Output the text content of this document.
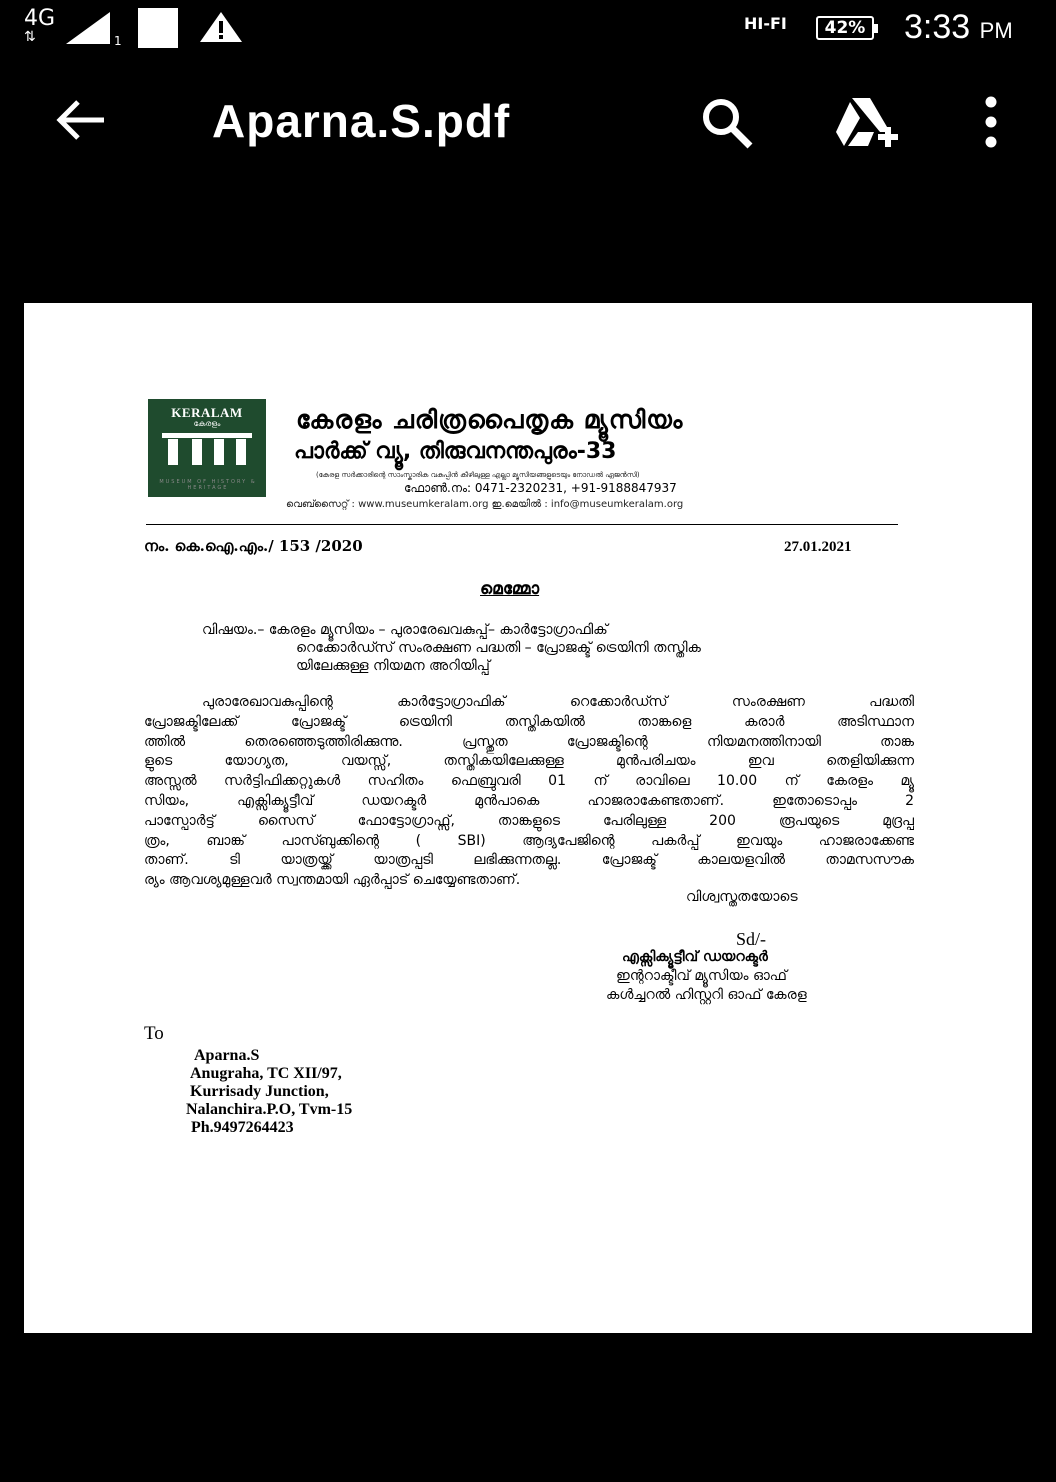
4G
⇅	1
HI-FI	42% 3:33 PM
Aparna.S.pdf
KERALAM
കേരളം
MUSEUM OF HISTORY & HERITAGE
കേരളം ചരിത്രപൈതൃക മ്യൂസിയം
പാർക്ക് വ്യൂ, തിരുവനന്തപുരം-33
(കേരള സർക്കാരിന്റെ സാംസ്കാരിക വകുപ്പിൻ കീഴിലുള്ള എല്ലാ മ്യൂസിയങ്ങളുടെയും നോഡൽ ഏജൻസി)
ഫോൺ.നം: 0471-2320231, +91-9188847937
വെബ്സൈറ്റ് : www.museumkeralam.org ഇ.മെയിൽ : info@museumkeralam.org
നം. കെ.ഐ.എം./ 153 /2020	27.01.2021
മെമ്മോ
വിഷയം.– കേരളം മ്യൂസിയം – പുരാരേഖവകുപ്പ്– കാർട്ടോഗ്രാഫിക്
റെക്കോർഡ്സ് സംരക്ഷണ പദ്ധതി – പ്രോജക്ട് ട്രെയിനി തസ്തിക
യിലേക്കുള്ള നിയമന അറിയിപ്പ്
പുരാരേഖാവകുപ്പിന്റെ കാർട്ടോഗ്രാഫിക് റെക്കോർഡ്സ് സംരക്ഷണ പദ്ധതി
പ്രോജക്ടിലേക്ക് പ്രോജക്ട് ട്രെയിനി തസ്തികയിൽ താങ്കളെ കരാർ അടിസ്ഥാന
ത്തിൽ തെരഞ്ഞെടുത്തിരിക്കുന്നു. പ്രസ്തുത പ്രോജക്ടിന്റെ നിയമനത്തിനായി താങ്ക
ളുടെ യോഗ്യത, വയസ്സ്, തസ്തികയിലേക്കുള്ള മുൻപരിചയം ഇവ തെളിയിക്കുന്ന
അസ്സൽ സർട്ടിഫിക്കറ്റുകൾ സഹിതം ഫെബ്രുവരി 01 ന് രാവിലെ 10.00 ന് കേരളം മ്യൂ
സിയം, എക്സിക്യൂട്ടീവ് ഡയറക്ടർ മുൻപാകെ ഹാജരാകേണ്ടതാണ്. ഇതോടൊപ്പം 2
പാസ്പോർട്ട് സൈസ് ഫോട്ടോഗ്രാഫ്സ്, താങ്കളുടെ പേരിലുള്ള 200 രൂപയുടെ മുദ്രപ്പ
ത്രം, ബാങ്ക് പാസ്ബുക്കിന്റെ ( SBI) ആദ്യപേജിന്റെ പകർപ്പ് ഇവയും ഹാജരാക്കേണ്ട
താണ്. ടി യാത്രയ്ക്ക് യാത്രപ്പടി ലഭിക്കുന്നതല്ല. പ്രോജക്ട് കാലയളവിൽ താമസസൗക
ര്യം ആവശ്യമുള്ളവർ സ്വന്തമായി ഏർപ്പാട് ചെയ്യേണ്ടതാണ്.
വിശ്വസ്തതയോടെ
Sd/-
എക്സിക്യൂട്ടീവ് ഡയറക്ടർ
ഇന്ററാക്ടീവ് മ്യൂസിയം ഓഫ്
കൾച്ചറൽ ഹിസ്റ്ററി ഓഫ് കേരള
To
Aparna.S
Anugraha, TC XII/97,
Kurrisady Junction,
Nalanchira.P.O, Tvm-15
Ph.9497264423
